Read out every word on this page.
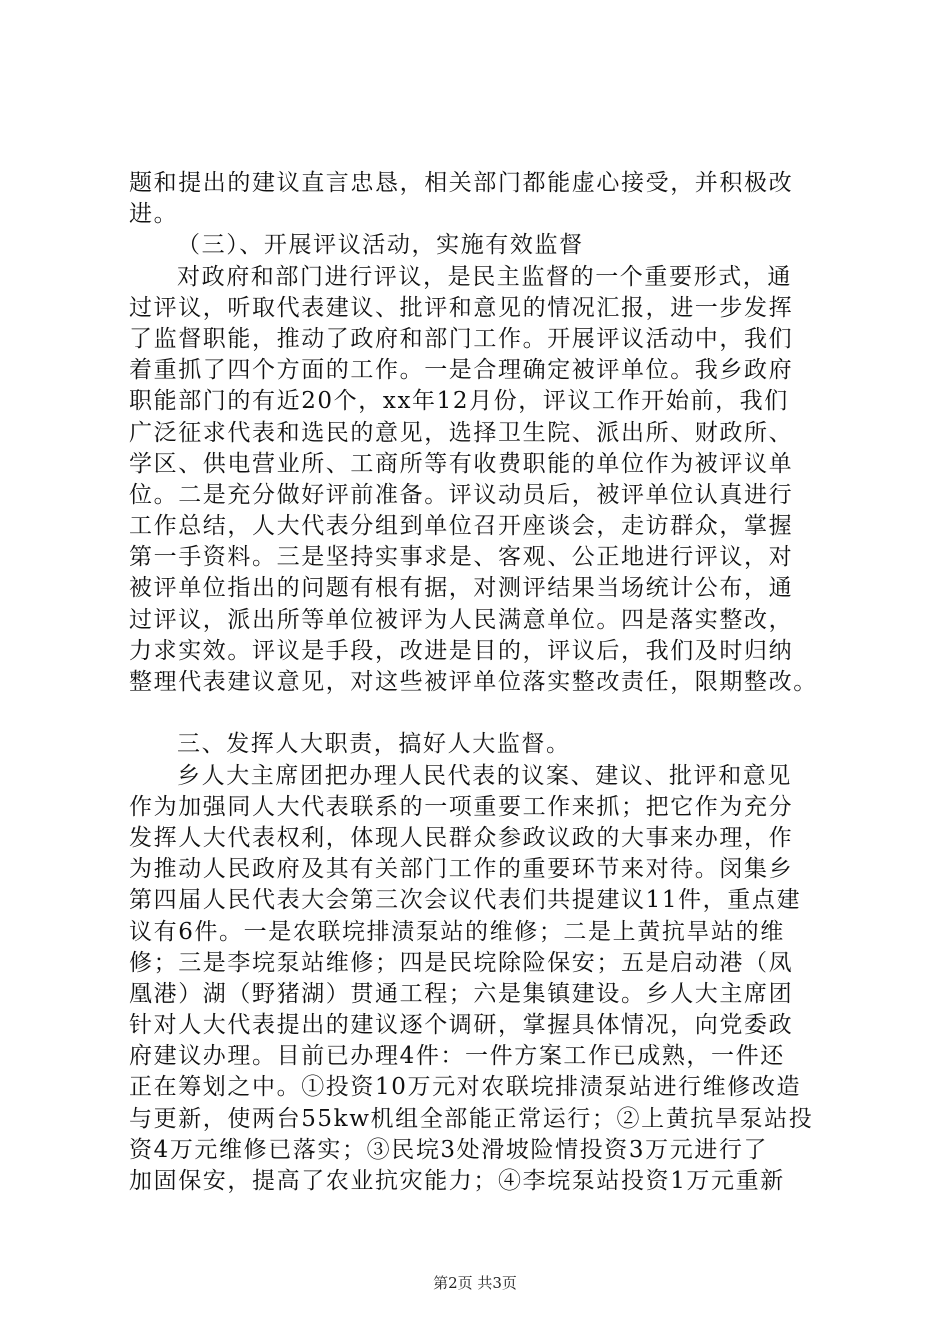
题和提出的建议直言忠恳，相关部门都能虚心接受，并积极改
进。
（三）、开展评议活动，实施有效监督
对政府和部门进行评议，是民主监督的一个重要形式，通
过评议，听取代表建议、批评和意见的情况汇报，进一步发挥
了监督职能，推动了政府和部门工作。开展评议活动中，我们
着重抓了四个方面的工作。一是合理确定被评单位。我乡政府
职能部门的有近20个，xx年12月份，评议工作开始前，我们
广泛征求代表和选民的意见，选择卫生院、派出所、财政所、
学区、供电营业所、工商所等有收费职能的单位作为被评议单
位。二是充分做好评前准备。评议动员后，被评单位认真进行
工作总结，人大代表分组到单位召开座谈会，走访群众，掌握
第一手资料。三是坚持实事求是、客观、公正地进行评议，对
被评单位指出的问题有根有据，对测评结果当场统计公布，通
过评议，派出所等单位被评为人民满意单位。四是落实整改，
力求实效。评议是手段，改进是目的，评议后，我们及时归纳
整理代表建议意见，对这些被评单位落实整改责任，限期整改。
三、发挥人大职责，搞好人大监督。
乡人大主席团把办理人民代表的议案、建议、批评和意见
作为加强同人大代表联系的一项重要工作来抓；把它作为充分
发挥人大代表权利，体现人民群众参政议政的大事来办理，作
为推动人民政府及其有关部门工作的重要环节来对待。闵集乡
第四届人民代表大会第三次会议代表们共提建议11件，重点建
议有6件。一是农联垸排渍泵站的维修；二是上黄抗旱站的维
修；三是李垸泵站维修；四是民垸除险保安；五是启动港（凤
凰港）湖（野猪湖）贯通工程；六是集镇建设。乡人大主席团
针对人大代表提出的建议逐个调研，掌握具体情况，向党委政
府建议办理。目前已办理4件：一件方案工作已成熟，一件还
正在筹划之中。①投资10万元对农联垸排渍泵站进行维修改造
与更新，使两台55kw机组全部能正常运行；②上黄抗旱泵站投
资4万元维修已落实；③民垸3处滑坡险情投资3万元进行了
加固保安，提高了农业抗灾能力；④李垸泵站投资1万元重新
第2页 共3页
